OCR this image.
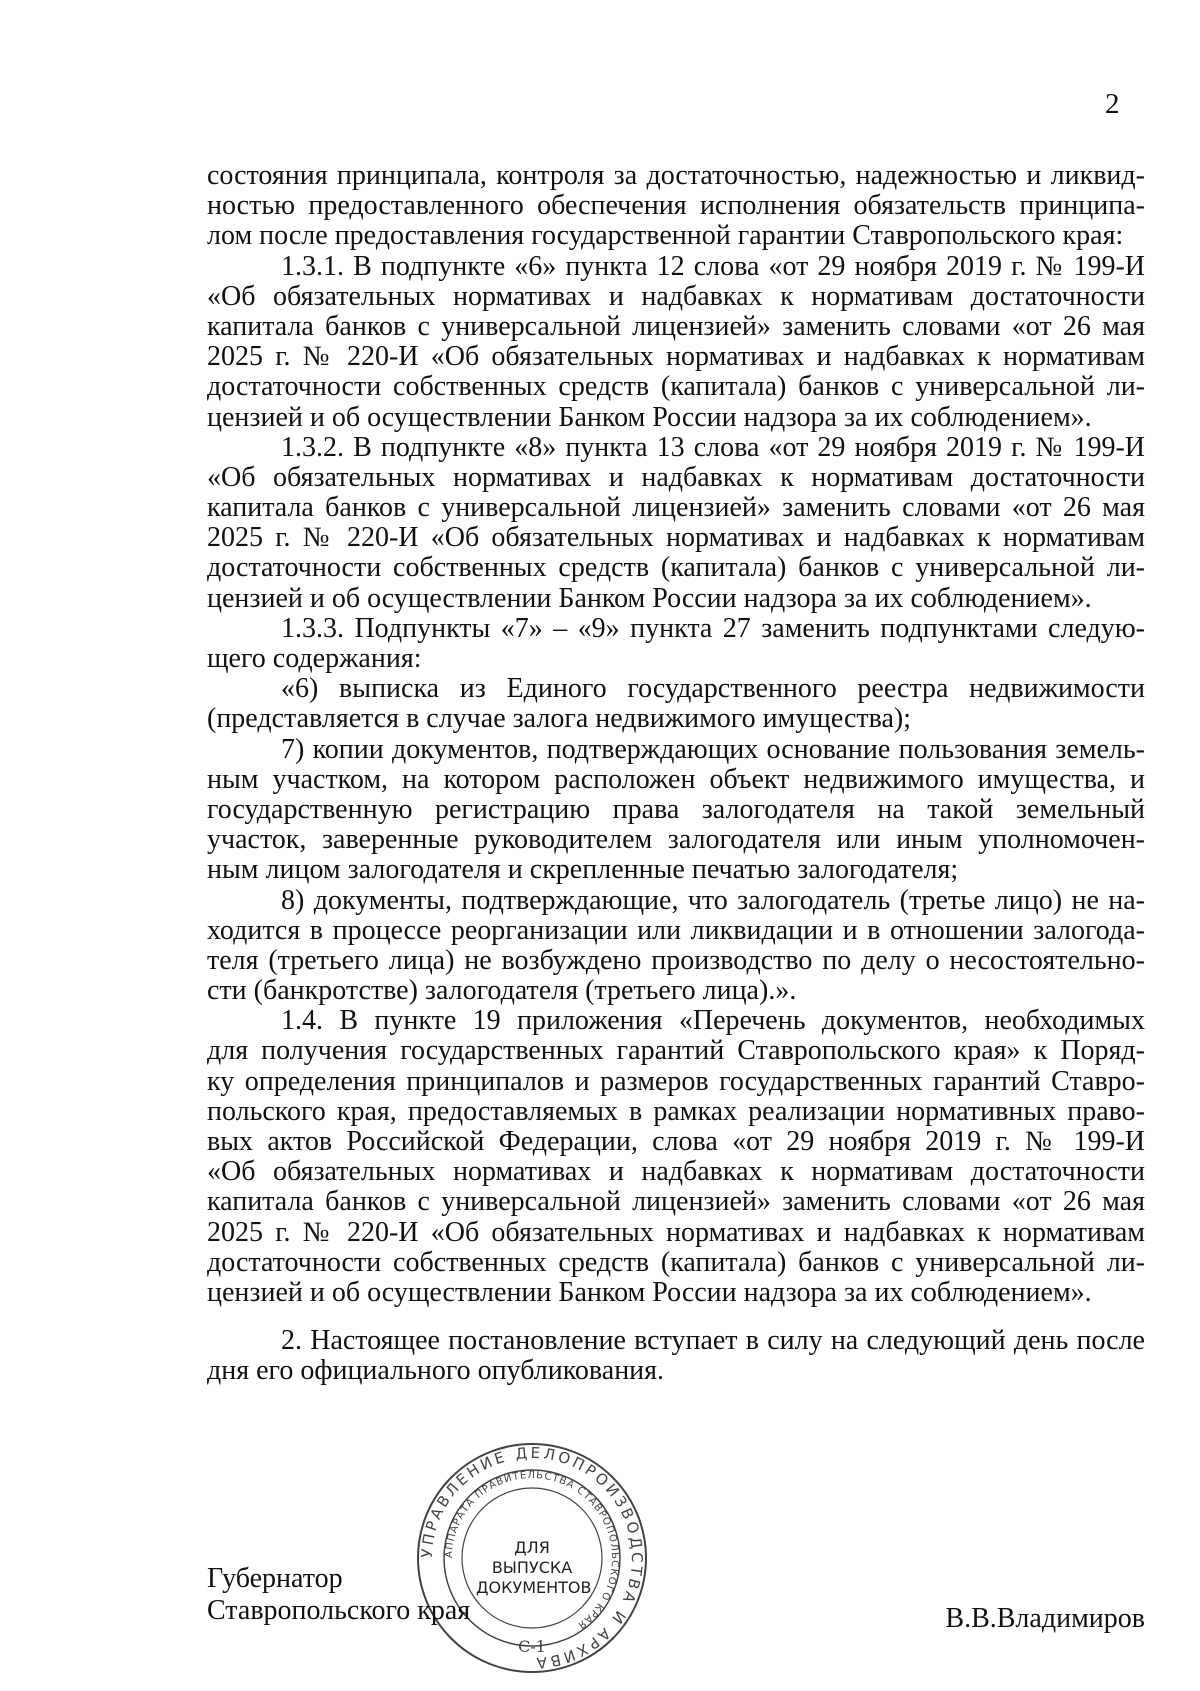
2
состояния принципала, контроля за достаточностью, надежностью и ликвид-
ностью предоставленного обеспечения исполнения обязательств принципа-
лом после предоставления государственной гарантии Ставропольского края:
1.3.1. В подпункте «6» пункта 12 слова «от 29 ноября 2019 г. № 199-И
«Об обязательных нормативах и надбавках к нормативам достаточности
капитала банков с универсальной лицензией» заменить словами «от 26 мая
2025 г. № 220-И «Об обязательных нормативах и надбавках к нормативам
достаточности собственных средств (капитала) банков с универсальной ли-
цензией и об осуществлении Банком России надзора за их соблюдением».
1.3.2. В подпункте «8» пункта 13 слова «от 29 ноября 2019 г. № 199-И
«Об обязательных нормативах и надбавках к нормативам достаточности
капитала банков с универсальной лицензией» заменить словами «от 26 мая
2025 г. № 220-И «Об обязательных нормативах и надбавках к нормативам
достаточности собственных средств (капитала) банков с универсальной ли-
цензией и об осуществлении Банком России надзора за их соблюдением».
1.3.3. Подпункты «7» – «9» пункта 27 заменить подпунктами следую-
щего содержания:
«6) выписка из Единого государственного реестра недвижимости
(представляется в случае залога недвижимого имущества);
7) копии документов, подтверждающих основание пользования земель-
ным участком, на котором расположен объект недвижимого имущества, и
государственную регистрацию права залогодателя на такой земельный
участок, заверенные руководителем залогодателя или иным уполномочен-
ным лицом залогодателя и скрепленные печатью залогодателя;
8) документы, подтверждающие, что залогодатель (третье лицо) не на-
ходится в процессе реорганизации или ликвидации и в отношении залогода-
теля (третьего лица) не возбуждено производство по делу о несостоятельно-
сти (банкротстве) залогодателя (третьего лица).».
1.4. В пункте 19 приложения «Перечень документов, необходимых
для получения государственных гарантий Ставропольского края» к Поряд-
ку определения принципалов и размеров государственных гарантий Ставро-
польского края, предоставляемых в рамках реализации нормативных право-
вых актов Российской Федерации, слова «от 29 ноября 2019 г. № 199-И
«Об обязательных нормативах и надбавках к нормативам достаточности
капитала банков с универсальной лицензией» заменить словами «от 26 мая
2025 г. № 220-И «Об обязательных нормативах и надбавках к нормативам
достаточности собственных средств (капитала) банков с универсальной ли-
цензией и об осуществлении Банком России надзора за их соблюдением».
2. Настоящее постановление вступает в силу на следующий день после
дня его официального опубликования.
УПРАВЛЕНИЕ ДЕЛОПРОИЗВОДСТВА И АРХИВА
АППАРАТА ПРАВИТЕЛЬСТВА СТАВРОПОЛЬСКОГО КРАЯ
С-1
ДЛЯ
ВЫПУСКА
ДОКУМЕНТОВ
Губернатор
Ставропольского края	В.В.Владимиров
